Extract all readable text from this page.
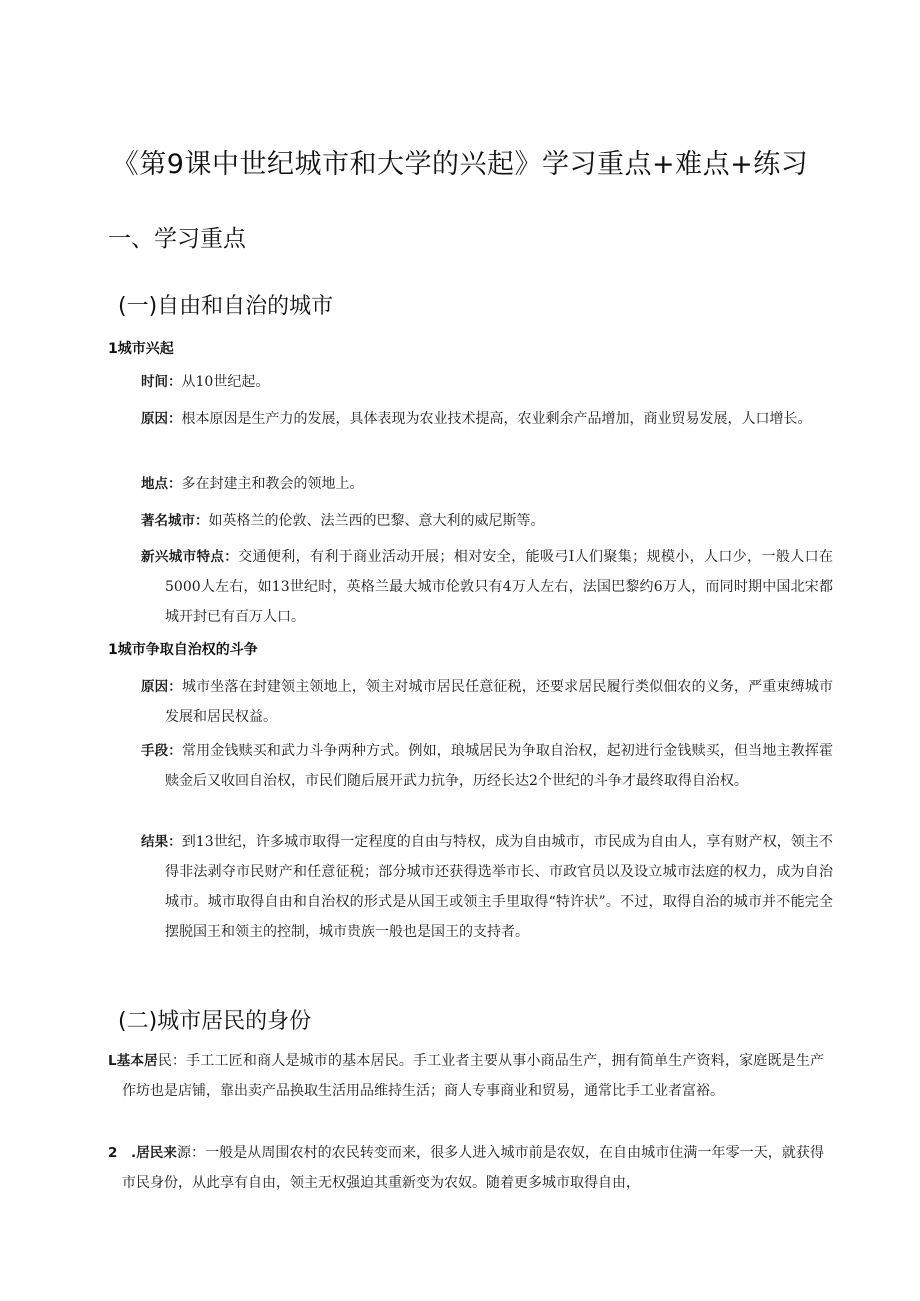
《第9课中世纪城市和大学的兴起》学习重点+难点+练习
一、学习重点
(一)自由和自治的城市
1城市兴起
时间：从10世纪起。
原因：根本原因是生产力的发展，具体表现为农业技术提高，农业剩余产品增加，商业贸易发展，人口增长。
地点：多在封建主和教会的领地上。
著名城市：如英格兰的伦敦、法兰西的巴黎、意大利的威尼斯等。
新兴城市特点：交通便利，有利于商业活动开展；相对安全，能吸弓I人们聚集；规模小，人口少，一般人口在5000人左右，如13世纪时，英格兰最大城市伦敦只有4万人左右，法国巴黎约6万人，而同时期中国北宋都城开封已有百万人口。
1城市争取自治权的斗争
原因：城市坐落在封建领主领地上，领主对城市居民任意征税，还要求居民履行类似佃农的义务，严重束缚城市发展和居民权益。
手段：常用金钱赎买和武力斗争两种方式。例如，琅城居民为争取自治权，起初进行金钱赎买，但当地主教挥霍赎金后又收回自治权，市民们随后展开武力抗争，历经长达2个世纪的斗争才最终取得自治权。
结果：到13世纪，许多城市取得一定程度的自由与特权，成为自由城市，市民成为自由人，享有财产权，领主不得非法剥夺市民财产和任意征税；部分城市还获得选举市长、市政官员以及设立城市法庭的权力，成为自治城市。城市取得自由和自治权的形式是从国王或领主手里取得“特许状”。不过，取得自治的城市并不能完全摆脱国王和领主的控制，城市贵族一般也是国王的支持者。
(二)城市居民的身份
L基本居民：手工工匠和商人是城市的基本居民。手工业者主要从事小商品生产，拥有简单生产资料，家庭既是生产作坊也是店铺，靠出卖产品换取生活用品维持生活；商人专事商业和贸易，通常比手工业者富裕。
2　.居民来源：一般是从周围农村的农民转变而来，很多人进入城市前是农奴，在自由城市住满一年零一天，就获得市民身份，从此享有自由，领主无权强迫其重新变为农奴。随着更多城市取得自由，
